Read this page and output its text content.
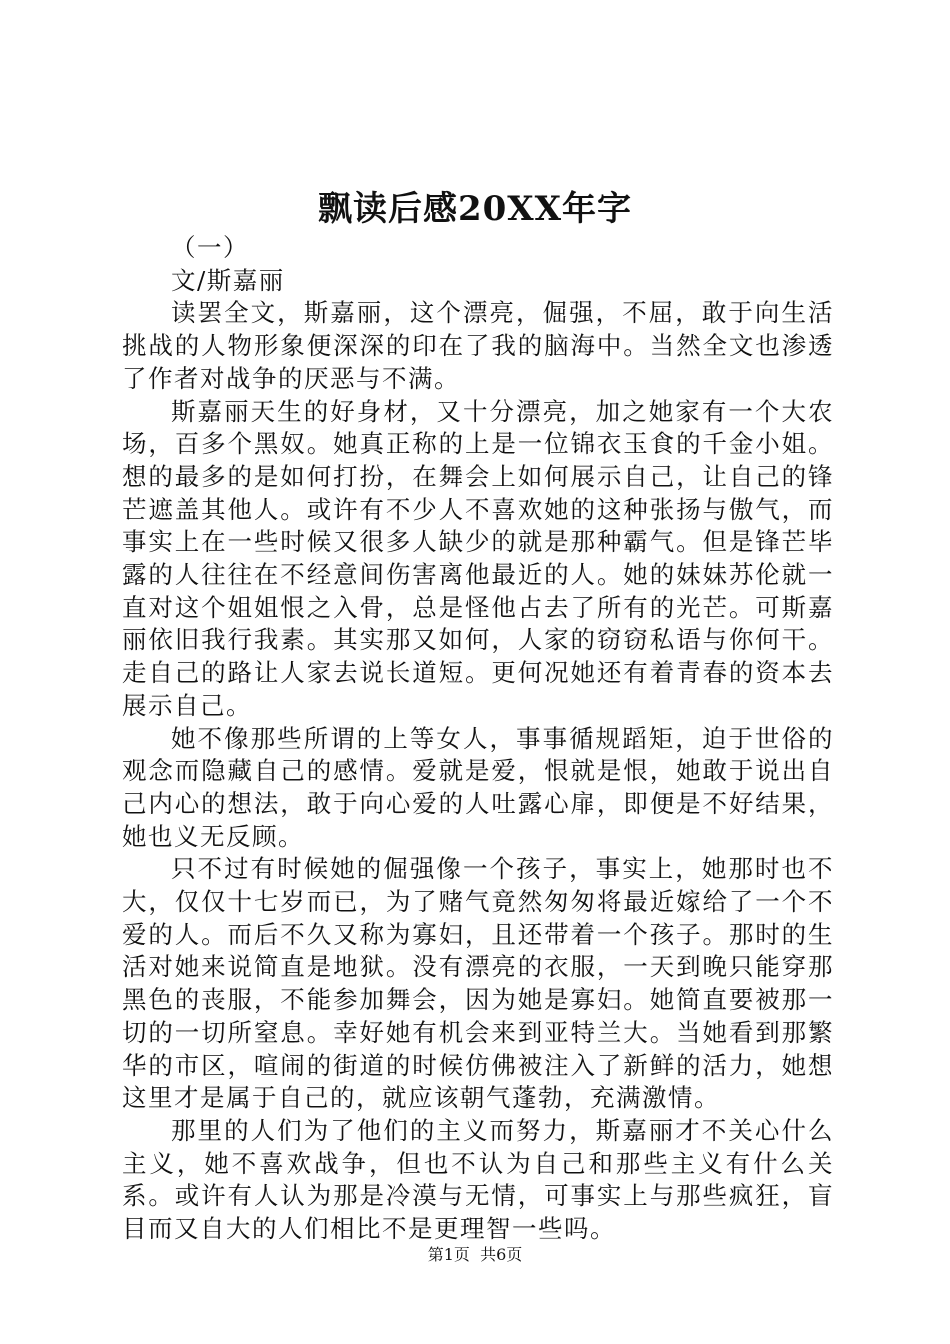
飘读后感20XX年字

（一）

文/斯嘉丽

读罢全文，斯嘉丽，这个漂亮，倔强，不屈，敢于向生活挑战的人物形象便深深的印在了我的脑海中。当然全文也渗透了作者对战争的厌恶与不满。

斯嘉丽天生的好身材，又十分漂亮，加之她家有一个大农场，百多个黑奴。她真正称的上是一位锦衣玉食的千金小姐。想的最多的是如何打扮，在舞会上如何展示自己，让自己的锋芒遮盖其他人。或许有不少人不喜欢她的这种张扬与傲气，而事实上在一些时候又很多人缺少的就是那种霸气。但是锋芒毕露的人往往在不经意间伤害离他最近的人。她的妹妹苏伦就一直对这个姐姐恨之入骨，总是怪他占去了所有的光芒。可斯嘉丽依旧我行我素。其实那又如何，人家的窃窃私语与你何干。走自己的路让人家去说长道短。更何况她还有着青春的资本去展示自己。

她不像那些所谓的上等女人，事事循规蹈矩，迫于世俗的观念而隐藏自己的感情。爱就是爱，恨就是恨，她敢于说出自己内心的想法，敢于向心爱的人吐露心扉，即便是不好结果，她也义无反顾。

只不过有时候她的倔强像一个孩子，事实上，她那时也不大，仅仅十七岁而已，为了赌气竟然匆匆将最近嫁给了一个不爱的人。而后不久又称为寡妇，且还带着一个孩子。那时的生活对她来说简直是地狱。没有漂亮的衣服，一天到晚只能穿那黑色的丧服，不能参加舞会，因为她是寡妇。她简直要被那一切的一切所窒息。幸好她有机会来到亚特兰大。当她看到那繁华的市区，喧闹的街道的时候仿佛被注入了新鲜的活力，她想这里才是属于自己的，就应该朝气蓬勃，充满激情。

那里的人们为了他们的主义而努力，斯嘉丽才不关心什么主义，她不喜欢战争，但也不认为自己和那些主义有什么关系。或许有人认为那是冷漠与无情，可事实上与那些疯狂，盲目而又自大的人们相比不是更理智一些吗。

第1页 共6页
